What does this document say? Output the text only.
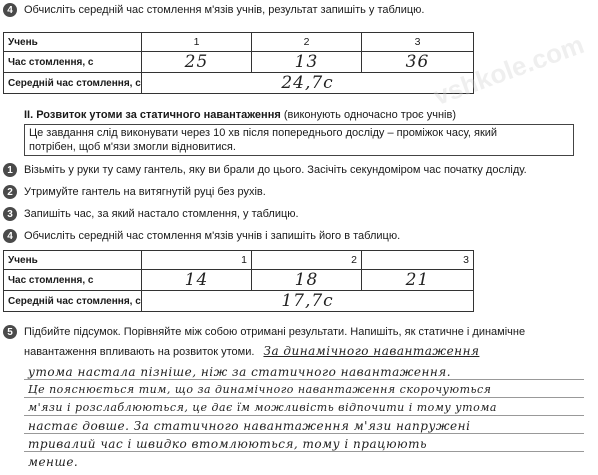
4 Обчисліть середній час стомлення м'язів учнів, результат запишіть у таблицю.
Учень	1	2	3
Час стомлення, с	25	13	36
Середній час стомлення, с	24,7с		
II. Розвиток утоми за статичного навантаження (виконують одночасно троє учнів)
Це завдання слід виконувати через 10 хв після попереднього досліду – проміжок часу, який
потрібен, щоб м'язи змогли відновитися.
1 Візьміть у руки ту саму гантель, яку ви брали до цього. Засічіть секундоміром час початку досліду.
2 Утримуйте гантель на витягнутій руці без рухів.
3 Запишіть час, за який настало стомлення, у таблицю.
4 Обчисліть середній час стомлення м'язів учнів і запишіть його в таблицю.
Учень	1	2	3
Час стомлення, с	14	18	21
Середній час стомлення, с	17,7с		
5 Підбийте підсумок. Порівняйте між собою отримані результати. Напишіть, як статичне і динамічне
навантаження впливають на розвиток утоми. За динамічного навантаження
утома настала пізніше, ніж за статичного навантаження.
Це пояснюється тим, що за динамічного навантаження скорочуються
м'язи і розслаблюються, це дає їм можливість відпочити і тому утома
настає довше. За статичного навантаження м'язи напружені
тривалий час і швидко втомлюються, тому і працюють
менше.
vshkole.com
